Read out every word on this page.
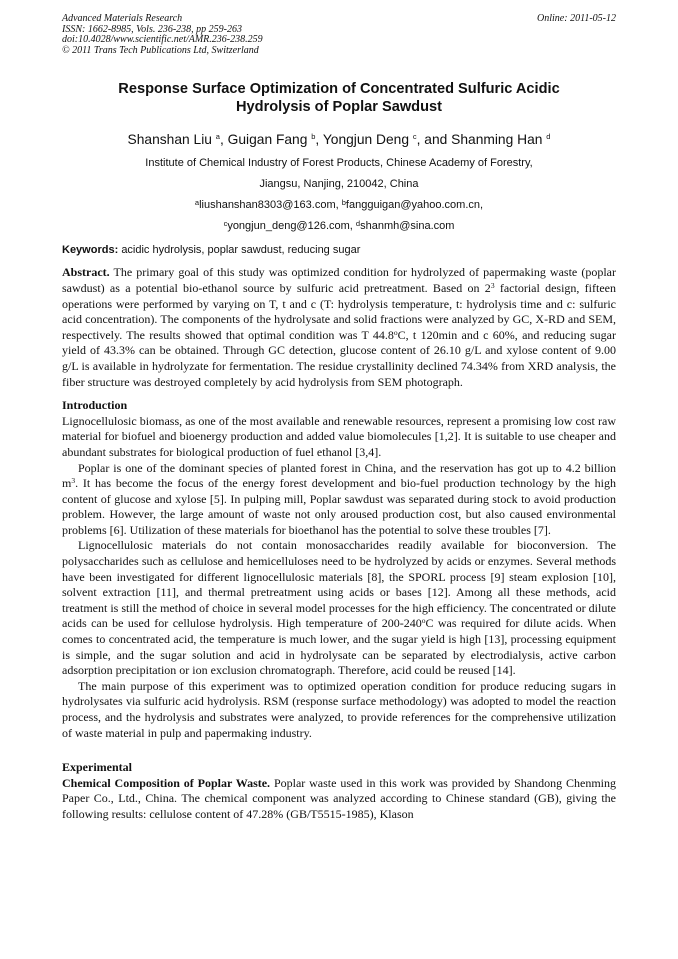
Advanced Materials Research
ISSN: 1662-8985, Vols. 236-238, pp 259-263
doi:10.4028/www.scientific.net/AMR.236-238.259
© 2011 Trans Tech Publications Ltd, Switzerland
Online: 2011-05-12
Response Surface Optimization of Concentrated Sulfuric Acidic Hydrolysis of Poplar Sawdust
Shanshan Liu $^a$, Guigan Fang $^b$, Yongjun Deng $^c$, and Shanming Han $^d$
Institute of Chemical Industry of Forest Products, Chinese Academy of Forestry,
Jiangsu, Nanjing, 210042, China
$^a$liushanshan8303@163.com, $^b$fangguigan@yahoo.com.cn,
$^c$yongjun_deng@126.com, $^d$shanmh@sina.com
Keywords: acidic hydrolysis, poplar sawdust, reducing sugar

Abstract. The primary goal of this study was optimized condition for hydrolyzed of papermaking waste (poplar sawdust) as a potential bio-ethanol source by sulfuric acid pretreatment. Based on $2^3$ factorial design, fifteen operations were performed by varying on T, t and c (T: hydrolysis temperature, t: hydrolysis time and c: sulfuric acid concentration). The components of the hydrolysate and solid fractions were analyzed by GC, X-RD and SEM, respectively. The results showed that optimal condition was T 44.8$^o$C, t 120min and c 60%, and reducing sugar yield of 43.3% can be obtained. Through GC detection, glucose content of 26.10 g/L and xylose content of 9.00 g/L is available in hydrolyzate for fermentation. The residue crystallinity declined 74.34% from XRD analysis, the fiber structure was destroyed completely by acid hydrolysis from SEM photograph.

Introduction

Lignocellulosic biomass, as one of the most available and renewable resources, represent a promising low cost raw material for biofuel and bioenergy production and added value biomolecules [1,2]. It is suitable to use cheaper and abundant substrates for biological production of fuel ethanol [3,4].

Poplar is one of the dominant species of planted forest in China, and the reservation has got up to 4.2 billion $m^3$. It has become the focus of the energy forest development and bio-fuel production technology by the high content of glucose and xylose [5]. In pulping mill, Poplar sawdust was separated during stock to avoid production problem. However, the large amount of waste not only aroused production cost, but also caused environmental problems [6]. Utilization of these materials for bioethanol has the potential to solve these troubles [7].

Lignocellulosic materials do not contain monosaccharides readily available for bioconversion. The polysaccharides such as cellulose and hemicelluloses need to be hydrolyzed by acids or enzymes. Several methods have been investigated for different lignocellulosic materials [8], the SPORL process [9] steam explosion [10], solvent extraction [11], and thermal pretreatment using acids or bases [12]. Among all these methods, acid treatment is still the method of choice in several model processes for the high efficiency. The concentrated or dilute acids can be used for cellulose hydrolysis. High temperature of 200-240$^o$C was required for dilute acids. When comes to concentrated acid, the temperature is much lower, and the sugar yield is high [13], processing equipment is simple, and the sugar solution and acid in hydrolysate can be separated by electrodialysis, active carbon adsorption precipitation or ion exclusion chromatograph. Therefore, acid could be reused [14].

The main purpose of this experiment was to optimized operation condition for produce reducing sugars in hydrolysates via sulfuric acid hydrolysis. RSM (response surface methodology) was adopted to model the reaction process, and the hydrolysis and substrates were analyzed, to provide references for the comprehensive utilization of waste material in pulp and papermaking industry.

Experimental

Chemical Composition of Poplar Waste. Poplar waste used in this work was provided by Shandong Chenming Paper Co., Ltd., China. The chemical component was analyzed according to Chinese standard (GB), giving the following results: cellulose content of 47.28% (GB/T5515-1985), Klason
